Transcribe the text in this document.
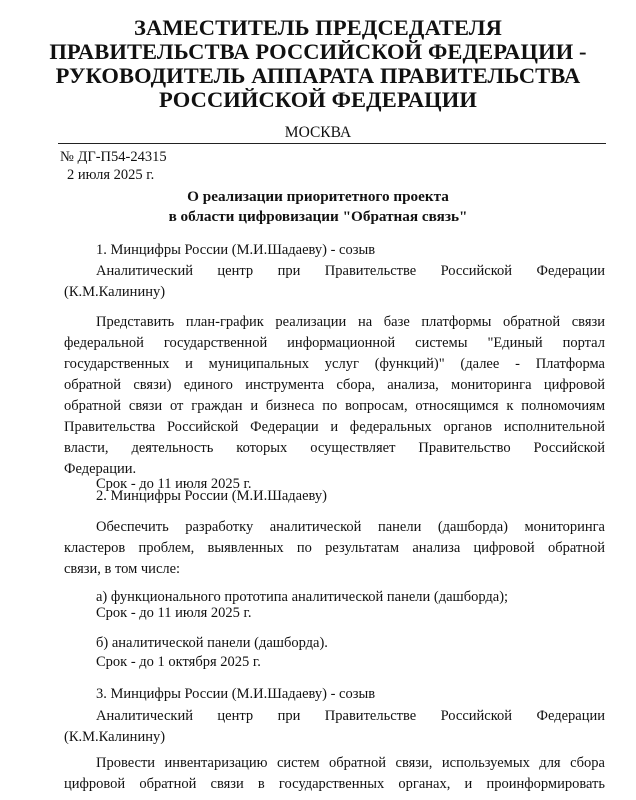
ЗАМЕСТИТЕЛЬ ПРЕДСЕДАТЕЛЯ
ПРАВИТЕЛЬСТВА РОССИЙСКОЙ ФЕДЕРАЦИИ -
РУКОВОДИТЕЛЬ АППАРАТА ПРАВИТЕЛЬСТВА
РОССИЙСКОЙ ФЕДЕРАЦИИ
МОСКВА
№ ДГ-П54-24315
2 июля 2025 г.
О реализации приоритетного проекта
в области цифровизации "Обратная связь"
1. Минцифры России (М.И.Шадаеву) - созыв
Аналитический центр при Правительстве Российской Федерации
(К.М.Калинину)
Представить план-график реализации на базе платформы обратной связи
федеральной государственной информационной системы "Единый портал
государственных и муниципальных услуг (функций)" (далее - Платформа
обратной связи) единого инструмента сбора, анализа, мониторинга цифровой
обратной связи от граждан и бизнеса по вопросам, относящимся к полномочиям
Правительства Российской Федерации и федеральных органов исполнительной
власти, деятельность которых осуществляет Правительство Российской
Федерации.
Срок - до 11 июля 2025 г.
2. Минцифры России (М.И.Шадаеву)
Обеспечить разработку аналитической панели (дашборда) мониторинга
кластеров проблем, выявленных по результатам анализа цифровой обратной
связи, в том числе:
а) функционального прототипа аналитической панели (дашборда);
Срок - до 11 июля 2025 г.
б) аналитической панели (дашборда).
Срок - до 1 октября 2025 г.
3. Минцифры России (М.И.Шадаеву) - созыв
Аналитический центр при Правительстве Российской Федерации
(К.М.Калинину)
Провести инвентаризацию систем обратной связи, используемых для сбора
цифровой обратной связи в государственных органах, и проинформировать
